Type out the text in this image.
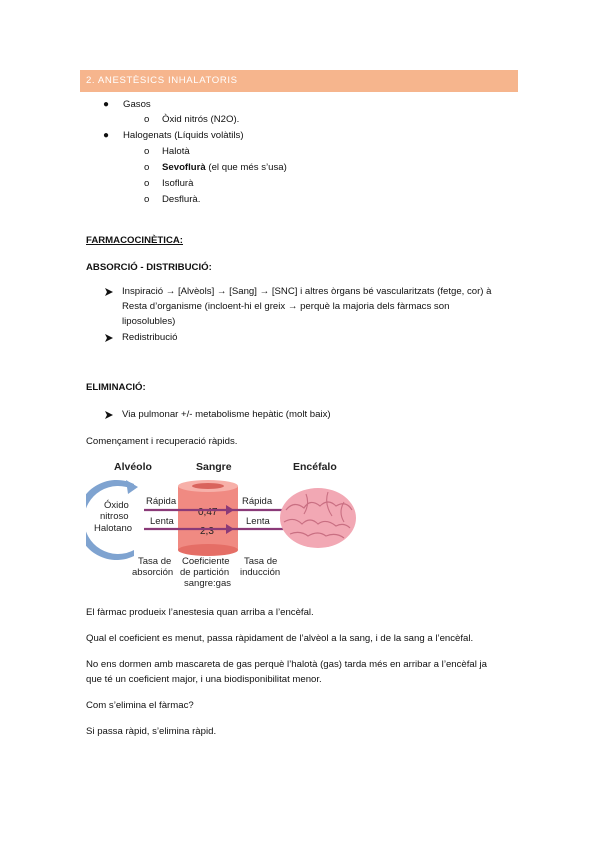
2. ANESTÈSICS INHALATORIS
● Gasos
o Òxid nitrós (N2O).
● Halogenats (Líquids volàtils)
o Halotà
o Sevoflurà (el que més s’usa)
o Isoflurà
o Desflurà.
FARMACOCINÈTICA:
ABSORCIÓ - DISTRIBUCIÓ:
Inspiració → [Alvèols] → [Sang] → [SNC] i altres òrgans bé vascularitzats (fetge, cor) à
Resta d’organisme (incloent-hi el greix → perquè la majoria dels fàrmacs son
liposolubles)
Redistribució
ELIMINACIÓ:
Via pulmonar +/- metabolisme hepàtic (molt baix)
Començament i recuperació ràpids.
Alvéolo	Sangre	Encéfalo
Óxido
nitroso
Halotano
0,47
2,3
Rápida
Lenta
Rápida
Lenta
Tasa de
absorción
Coeficiente
de partición
sangre:gas
Tasa de
inducción
El fàrmac produeix l’anestesia quan arriba a l’encèfal.
Qual el coeficient es menut, passa ràpidament de l’alvèol a la sang, i de la sang a l’encèfal.
No ens dormen amb mascareta de gas perquè l’halotà (gas) tarda més en arribar a l’encèfal ja
que té un coeficient major, i una biodisponibilitat menor.
Com s’elimina el fàrmac?
Si passa ràpid, s’elimina ràpid.
